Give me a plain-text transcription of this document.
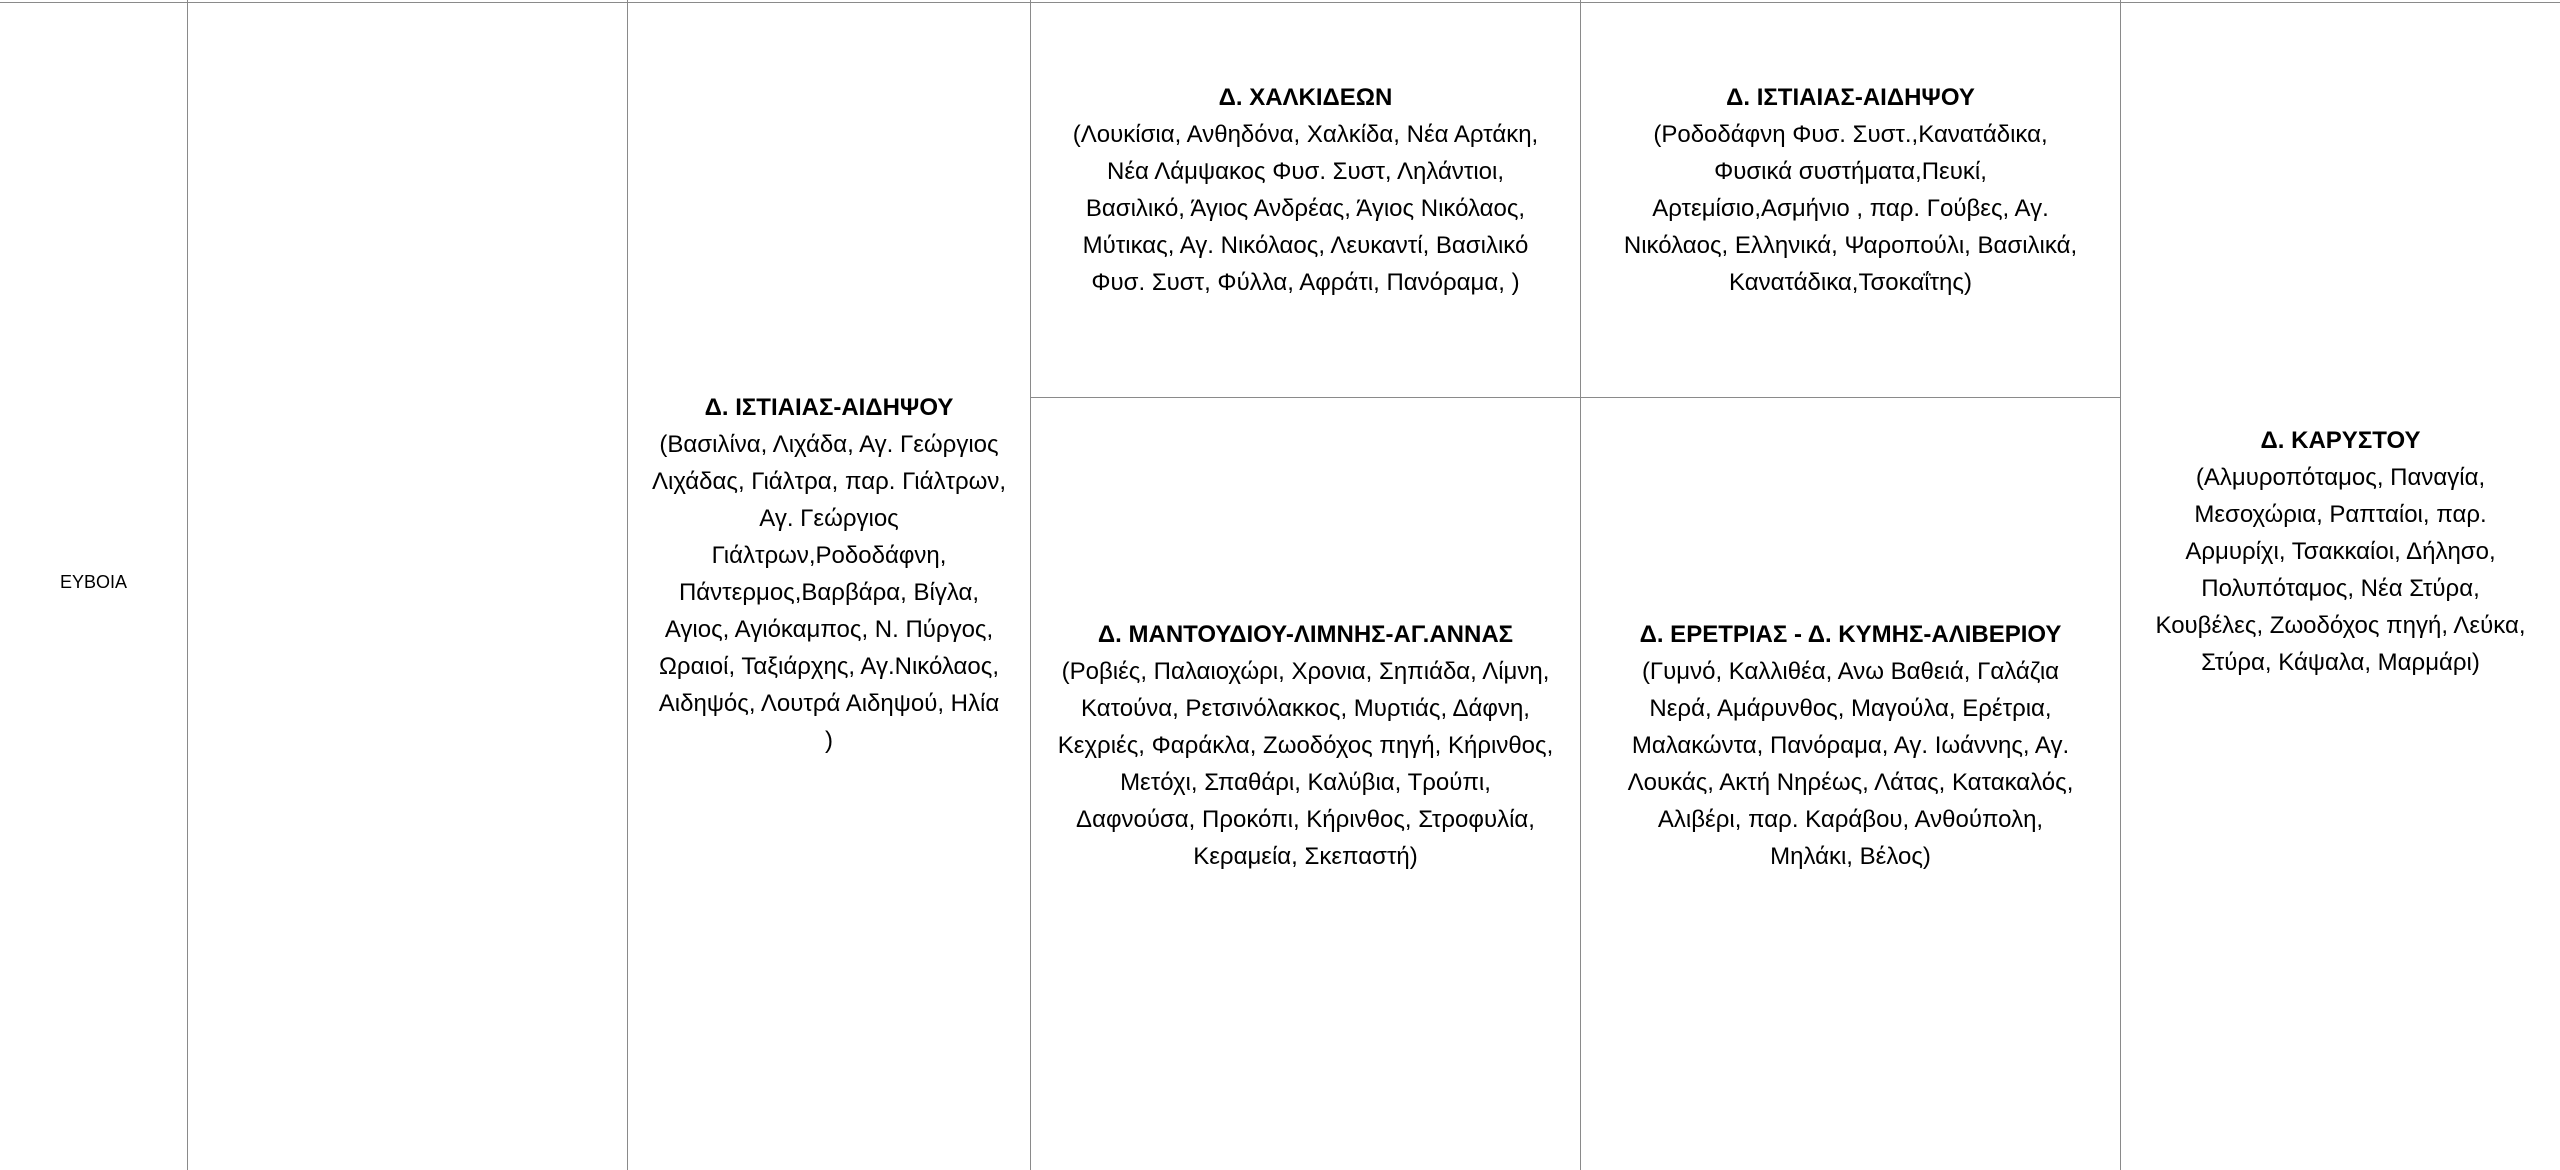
ΕΥΒΟΙΑ
Δ. ΙΣΤΙΑΙΑΣ-ΑΙΔΗΨΟΥ
(Βασιλίνα, Λιχάδα, Αγ. Γεώργιος
Λιχάδας, Γιάλτρα, παρ. Γιάλτρων,
Αγ. Γεώργιος
Γιάλτρων,Ροδοδάφνη,
Πάντερμος,Βαρβάρα, Βίγλα,
Αγιος, Αγιόκαμπος, Ν. Πύργος,
Ωραιοί, Ταξιάρχης, Αγ.Νικόλαος,
Αιδηψός, Λουτρά Αιδηψού, Ηλία
)
Δ. ΧΑΛΚΙΔΕΩΝ
(Λουκίσια, Ανθηδόνα, Χαλκίδα, Νέα Αρτάκη,
Νέα Λάμψακος Φυσ. Συστ, Ληλάντιοι,
Βασιλικό, Άγιος Ανδρέας, Άγιος Νικόλαος,
Μύτικας, Αγ. Νικόλαος, Λευκαντί, Βασιλικό
Φυσ. Συστ, Φύλλα, Αφράτι, Πανόραμα, )
Δ. ΙΣΤΙΑΙΑΣ-ΑΙΔΗΨΟΥ
(Ροδοδάφνη Φυσ. Συστ.,Κανατάδικα,
Φυσικά συστήματα,Πευκί,
Αρτεμίσιο,Ασμήνιο , παρ. Γούβες, Αγ.
Νικόλαος, Ελληνικά, Ψαροπούλι, Βασιλικά,
Κανατάδικα,Τσοκαΐτης)
Δ. ΜΑΝΤΟΥΔΙΟΥ-ΛΙΜΝΗΣ-ΑΓ.ΑΝΝΑΣ
(Ροβιές, Παλαιοχώρι, Χρονια, Σηπιάδα, Λίμνη,
Κατούνα, Ρετσινόλακκος, Μυρτιάς, Δάφνη,
Κεχριές, Φαράκλα, Ζωοδόχος πηγή, Κήρινθος,
Μετόχι, Σπαθάρι, Καλύβια, Τρούπι,
Δαφνούσα, Προκόπι, Κήρινθος, Στροφυλία,
Κεραμεία, Σκεπαστή)
Δ. ΕΡΕΤΡΙΑΣ - Δ. ΚΥΜΗΣ-ΑΛΙΒΕΡΙΟΥ
(Γυμνό, Καλλιθέα, Ανω Βαθειά, Γαλάζια
Νερά, Αμάρυνθος, Μαγούλα, Ερέτρια,
Μαλακώντα, Πανόραμα, Αγ. Ιωάννης, Αγ.
Λουκάς, Ακτή Νηρέως, Λάτας, Κατακαλός,
Αλιβέρι, παρ. Καράβου, Ανθούπολη,
Μηλάκι, Βέλος)
Δ. ΚΑΡΥΣΤΟΥ
(Αλμυροπόταμος, Παναγία,
Μεσοχώρια, Ραπταίοι, παρ.
Αρμυρίχι, Τσακκαίοι, Δήλησο,
Πολυπόταμος, Νέα Στύρα,
Κουβέλες, Ζωοδόχος πηγή, Λεύκα,
Στύρα, Κάψαλα, Μαρμάρι)
